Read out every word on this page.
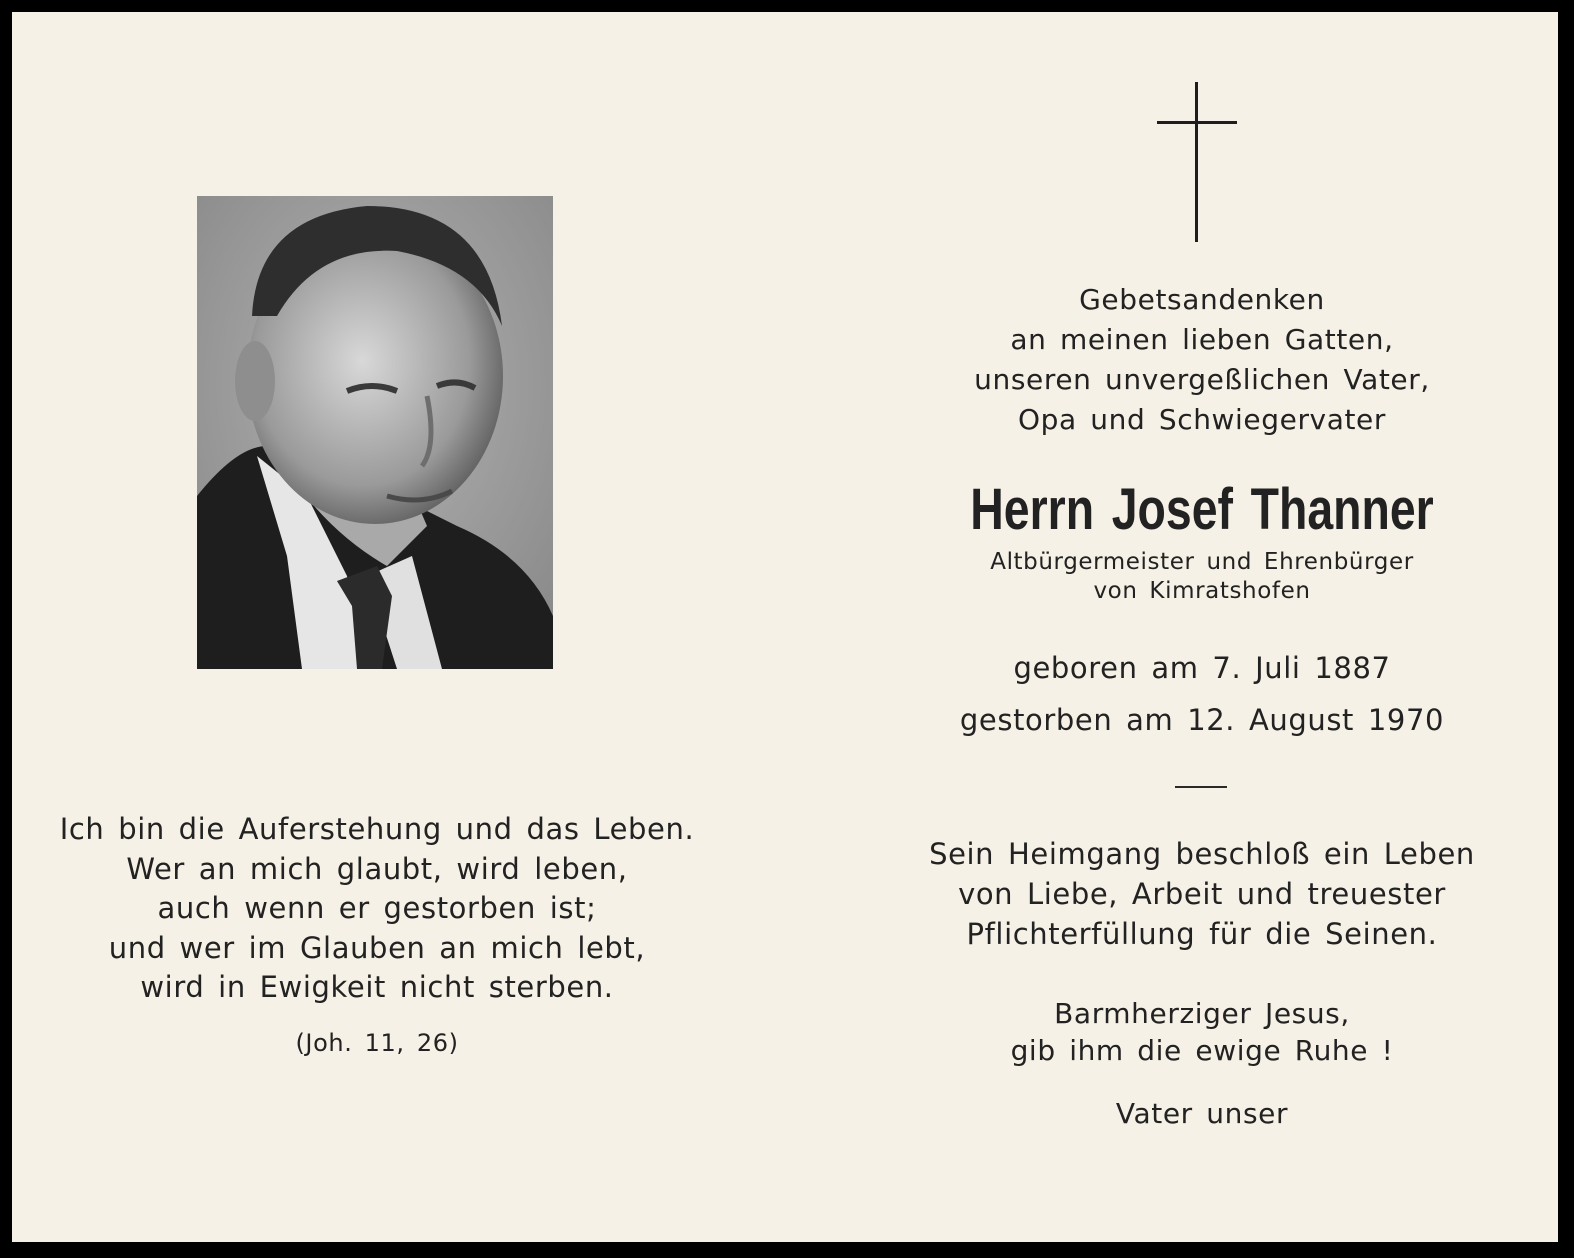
Ich bin die Auferstehung und das Leben.
Wer an mich glaubt, wird leben,
auch wenn er gestorben ist;
und wer im Glauben an mich lebt,
wird in Ewigkeit nicht sterben.
(Joh. 11, 26)
Gebetsandenken
an meinen lieben Gatten,
unseren unvergeßlichen Vater,
Opa und Schwiegervater
Herrn Josef Thanner
Altbürgermeister und Ehrenbürger
von Kimratshofen
geboren am 7. Juli 1887
gestorben am 12. August 1970
Sein Heimgang beschloß ein Leben
von Liebe, Arbeit und treuester
Pflichterfüllung für die Seinen.
Barmherziger Jesus,
gib ihm die ewige Ruhe !
Vater unser
